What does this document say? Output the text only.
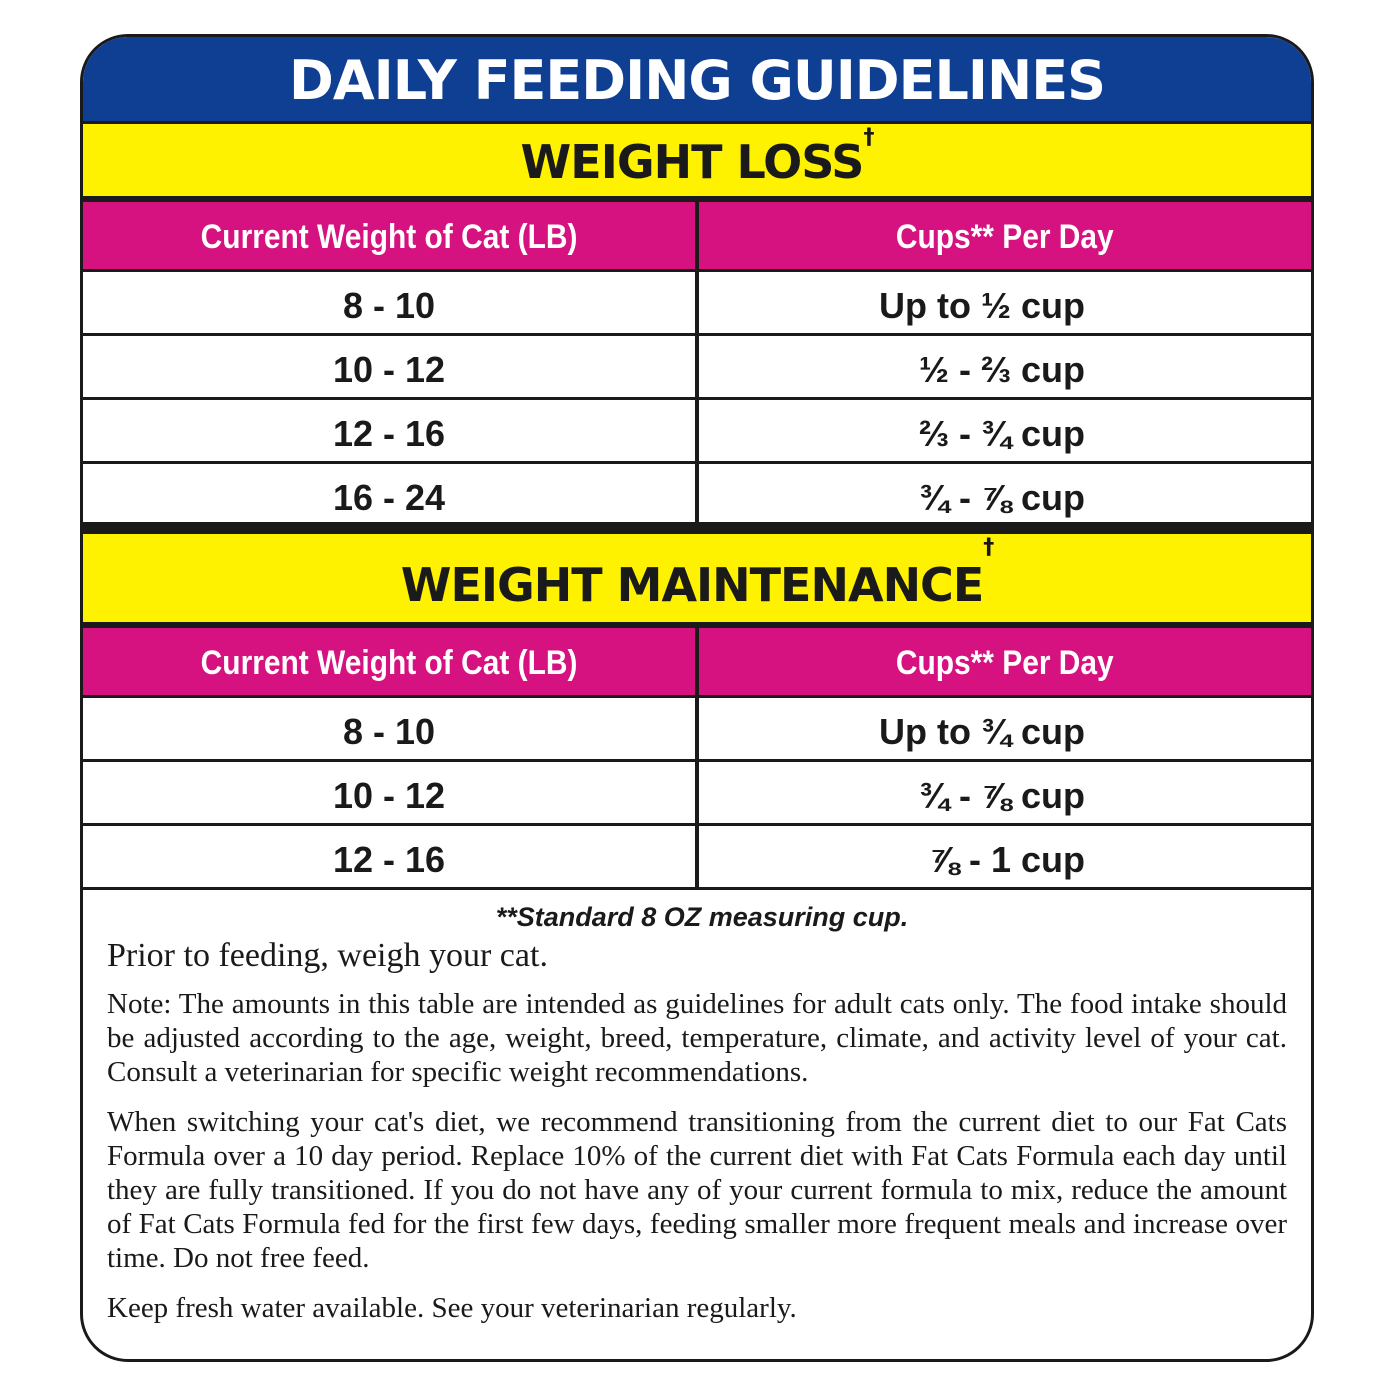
DAILY FEEDING GUIDELINES
WEIGHT LOSS†
Current Weight of Cat (LB)	Cups** Per Day
8 - 10	Up to ½ cup
10 - 12	½ - ⅔ cup
12 - 16	⅔ - ¾ cup
16 - 24	¾ - ⅞ cup
WEIGHT MAINTENANCE†
Current Weight of Cat (LB)	Cups** Per Day
8 - 10	Up to ¾ cup
10 - 12	¾ - ⅞ cup
12 - 16	⅞ - 1 cup

**Standard 8 OZ measuring cup.

Prior to feeding, weigh your cat.

Note: The amounts in this table are intended as guidelines for adult cats only. The food intake should be adjusted according to the age, weight, breed, temperature, climate, and activity level of your cat. Consult a veterinarian for specific weight recommendations.

When switching your cat's diet, we recommend transitioning from the current diet to our Fat Cats Formula over a 10 day period. Replace 10% of the current diet with Fat Cats Formula each day until they are fully transitioned. If you do not have any of your current formula to mix, reduce the amount of Fat Cats Formula fed for the first few days, feeding smaller more frequent meals and increase over time. Do not free feed.

Keep fresh water available. See your veterinarian regularly.
